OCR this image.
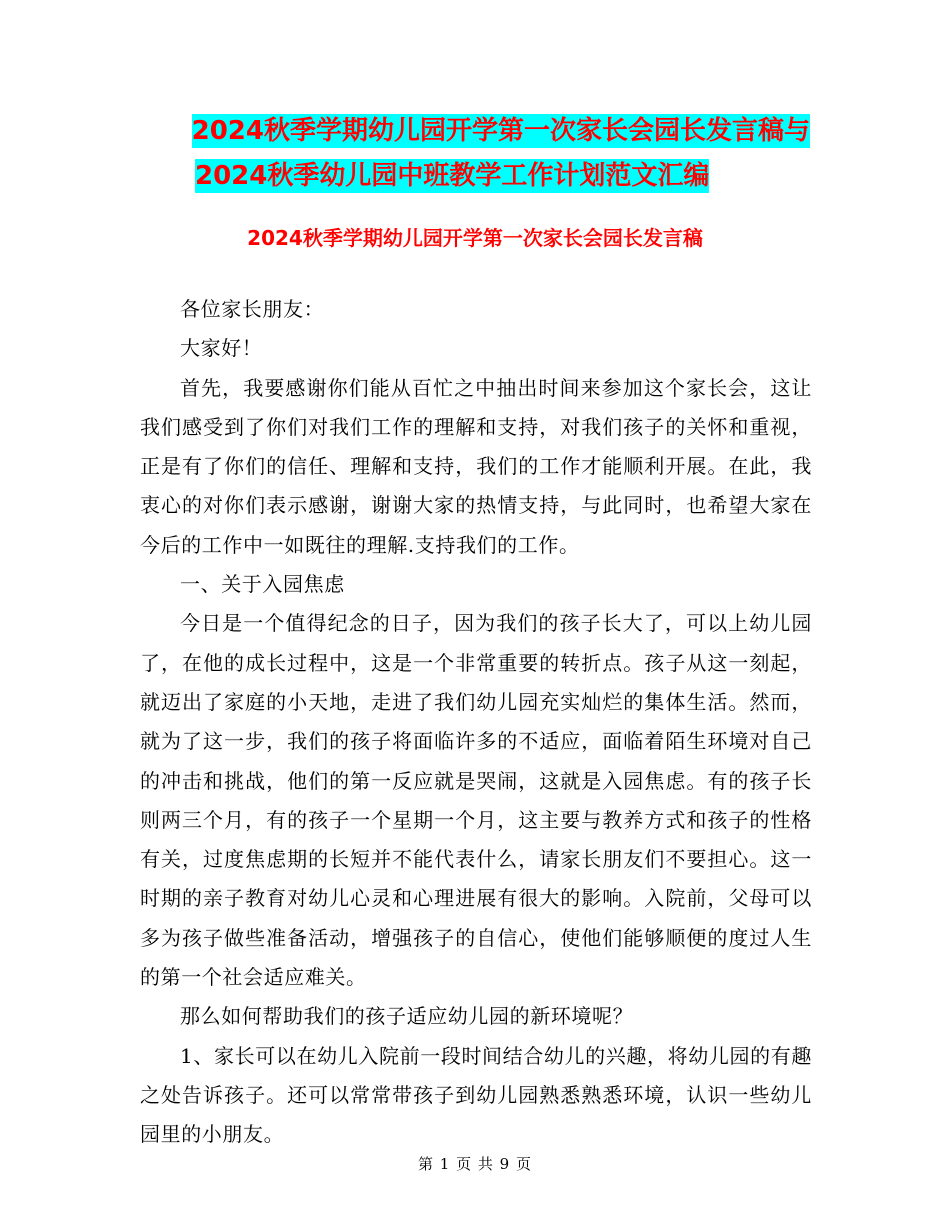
2024秋季学期幼儿园开学第一次家长会园长发言稿与
2024秋季幼儿园中班教学工作计划范文汇编
2024秋季学期幼儿园开学第一次家长会园长发言稿

各位家长朋友：

大家好！

首先，我要感谢你们能从百忙之中抽出时间来参加这个家长会，这让我们感受到了你们对我们工作的理解和支持，对我们孩子的关怀和重视，正是有了你们的信任、理解和支持，我们的工作才能顺利开展。在此，我衷心的对你们表示感谢，谢谢大家的热情支持，与此同时，也希望大家在今后的工作中一如既往的理解.支持我们的工作。

一、关于入园焦虑

今日是一个值得纪念的日子，因为我们的孩子长大了，可以上幼儿园了，在他的成长过程中，这是一个非常重要的转折点。孩子从这一刻起，就迈出了家庭的小天地，走进了我们幼儿园充实灿烂的集体生活。然而，就为了这一步，我们的孩子将面临许多的不适应，面临着陌生环境对自己的冲击和挑战，他们的第一反应就是哭闹，这就是入园焦虑。有的孩子长则两三个月，有的孩子一个星期一个月，这主要与教养方式和孩子的性格有关，过度焦虑期的长短并不能代表什么，请家长朋友们不要担心。这一时期的亲子教育对幼儿心灵和心理进展有很大的影响。入院前，父母可以多为孩子做些准备活动，增强孩子的自信心，使他们能够顺便的度过人生的第一个社会适应难关。

那么如何帮助我们的孩子适应幼儿园的新环境呢？

1、家长可以在幼儿入院前一段时间结合幼儿的兴趣，将幼儿园的有趣之处告诉孩子。还可以常常带孩子到幼儿园熟悉熟悉环境，认识一些幼儿园里的小朋友。

第 1 页 共 9 页
